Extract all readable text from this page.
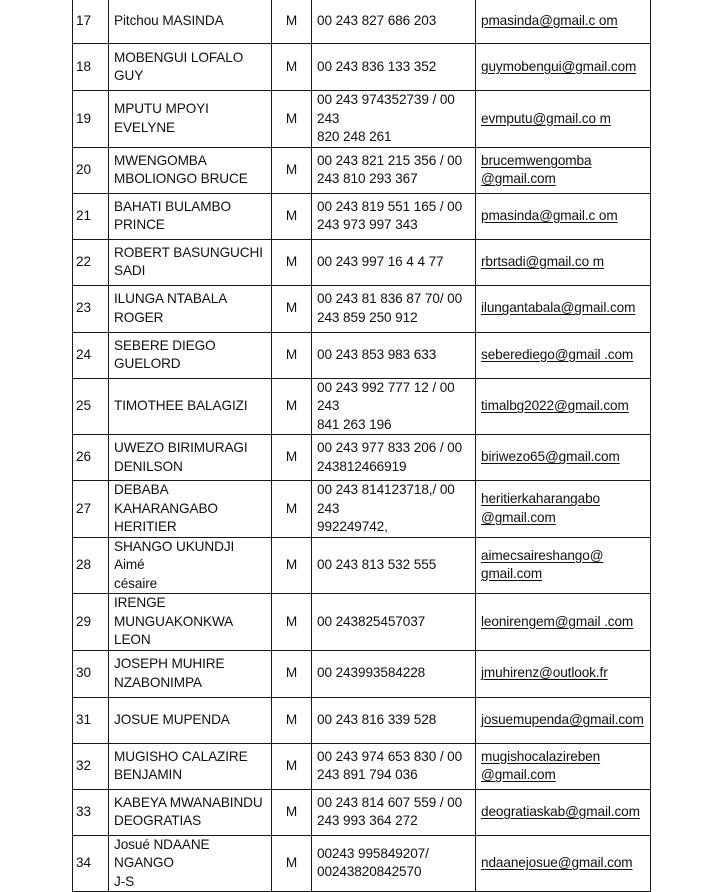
17	Pitchou MASINDA	M	00 243 827 686 203	pmasinda@gmail.c om
18	MOBENGUI LOFALO GUY	M	00 243 836 133 352	guymobengui@gmail.com
19	MPUTU MPOYI EVELYNE	M	00 243 974352739 / 00 243
820 248 261	evmputu@gmail.co m
20	MWENGOMBA
MBOLIONGO BRUCE	M	00 243 821 215 356 / 00
243 810 293 367	brucemwengomba
@gmail.com
21	BAHATI BULAMBO
PRINCE	M	00 243 819 551 165 / 00
243 973 997 343	pmasinda@gmail.c om
22	ROBERT BASUNGUCHI
SADI	M	00 243 997 16 4 4 77	rbrtsadi@gmail.co m
23	ILUNGA NTABALA ROGER	M	00 243 81 836 87 70/ 00
243 859 250 912	ilungantabala@gmail.com
24	SEBERE DIEGO
GUELORD	M	00 243 853 983 633	seberediego@gmail .com
25	TIMOTHEE BALAGIZI	M	00 243 992 777 12 / 00 243
841 263 196	timalbg2022@gmail.com
26	UWEZO BIRIMURAGI
DENILSON	M	00 243 977 833 206 / 00
243812466919	biriwezo65@gmail.com
27	DEBABA KAHARANGABO
HERITIER	M	00 243 814123718,/ 00 243
992249742,	heritierkaharangabo
@gmail.com
28	SHANGO UKUNDJI Aimé
césaire	M	00 243 813 532 555	aimecsaireshango@
gmail.com
29	IRENGE
MUNGUAKONKWA LEON	M	00 243825457037	leonirengem@gmail .com
30	JOSEPH MUHIRE
NZABONIMPA	M	00 243993584228	jmuhirenz@outlook.fr
31	JOSUE MUPENDA	M	00 243 816 339 528	josuemupenda@gmail.com
32	MUGISHO CALAZIRE
BENJAMIN	M	00 243 974 653 830 / 00
243 891 794 036	mugishocalazireben
@gmail.com
33	KABEYA MWANABINDU
DEOGRATIAS	M	00 243 814 607 559 / 00
243 993 364 272	deogratiaskab@gmail.com
34	Josué NDAANE NGANGO
J-S	M	00243 995849207/
00243820842570	ndaanejosue@gmail.com
